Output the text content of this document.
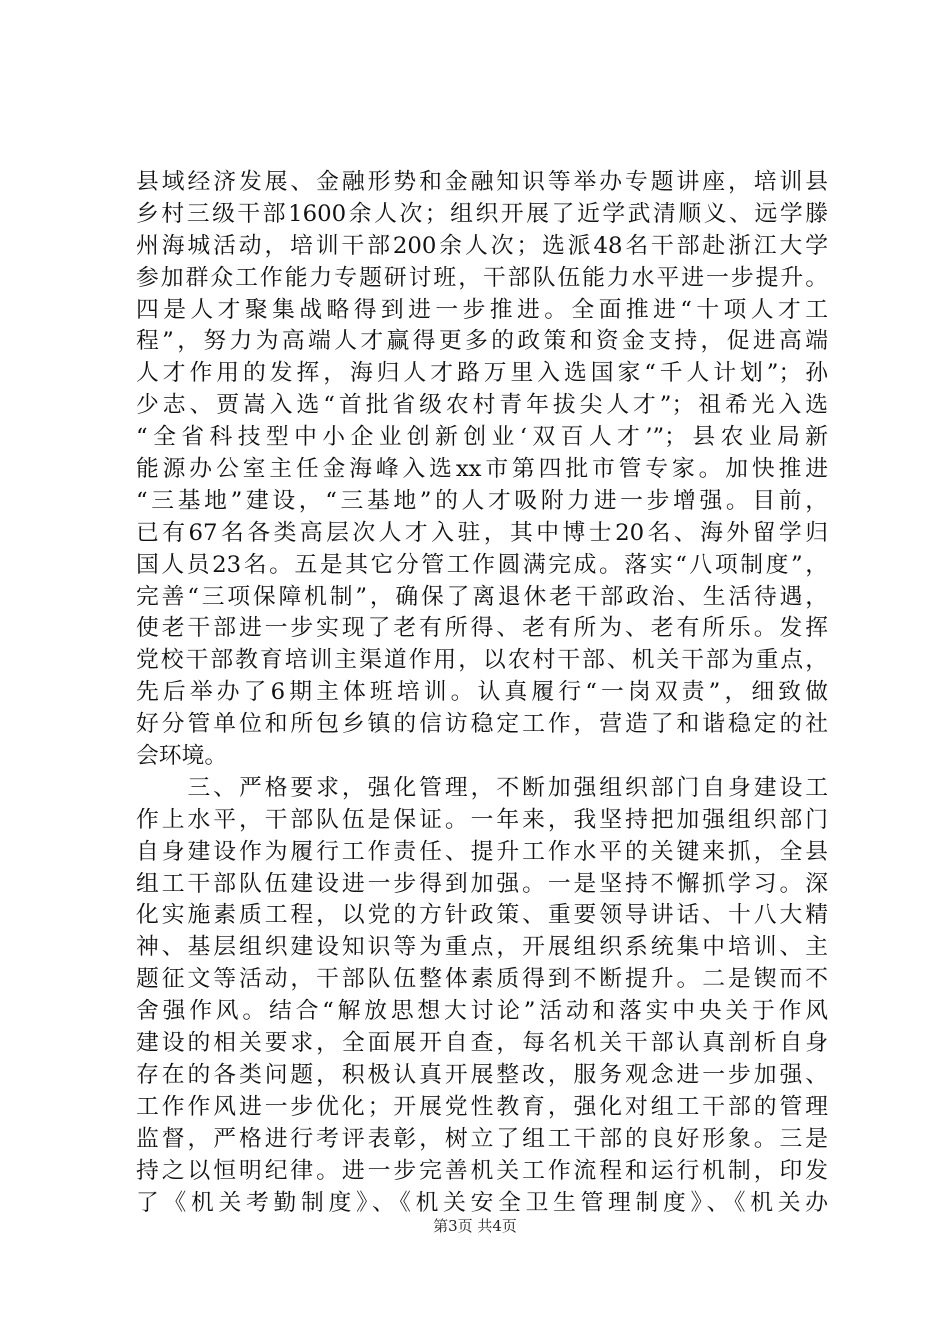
县域经济发展、金融形势和金融知识等举办专题讲座，培训县
乡村三级干部1600余人次；组织开展了近学武清顺义、远学滕
州海城活动，培训干部200余人次；选派48名干部赴浙江大学
参加群众工作能力专题研讨班，干部队伍能力水平进一步提升。
四是人才聚集战略得到进一步推进。全面推进“十项人才工
程”，努力为高端人才赢得更多的政策和资金支持，促进高端
人才作用的发挥，海归人才路万里入选国家“千人计划”；孙
少志、贾嵩入选“首批省级农村青年拔尖人才”；祖希光入选
“全省科技型中小企业创新创业‘双百人才’”；县农业局新
能源办公室主任金海峰入选xx市第四批市管专家。加快推进
“三基地”建设，“三基地”的人才吸附力进一步增强。目前，
已有67名各类高层次人才入驻，其中博士20名、海外留学归
国人员23名。五是其它分管工作圆满完成。落实“八项制度”，
完善“三项保障机制”，确保了离退休老干部政治、生活待遇，
使老干部进一步实现了老有所得、老有所为、老有所乐。发挥
党校干部教育培训主渠道作用，以农村干部、机关干部为重点，
先后举办了6期主体班培训。认真履行“一岗双责”，细致做
好分管单位和所包乡镇的信访稳定工作，营造了和谐稳定的社
会环境。
　　三、严格要求，强化管理，不断加强组织部门自身建设工
作上水平，干部队伍是保证。一年来，我坚持把加强组织部门
自身建设作为履行工作责任、提升工作水平的关键来抓，全县
组工干部队伍建设进一步得到加强。一是坚持不懈抓学习。深
化实施素质工程，以党的方针政策、重要领导讲话、十八大精
神、基层组织建设知识等为重点，开展组织系统集中培训、主
题征文等活动，干部队伍整体素质得到不断提升。二是锲而不
舍强作风。结合“解放思想大讨论”活动和落实中央关于作风
建设的相关要求，全面展开自查，每名机关干部认真剖析自身
存在的各类问题，积极认真开展整改，服务观念进一步加强、
工作作风进一步优化；开展党性教育，强化对组工干部的管理
监督，严格进行考评表彰，树立了组工干部的良好形象。三是
持之以恒明纪律。进一步完善机关工作流程和运行机制，印发
了《机关考勤制度》、《机关安全卫生管理制度》、《机关办
第3页 共4页
